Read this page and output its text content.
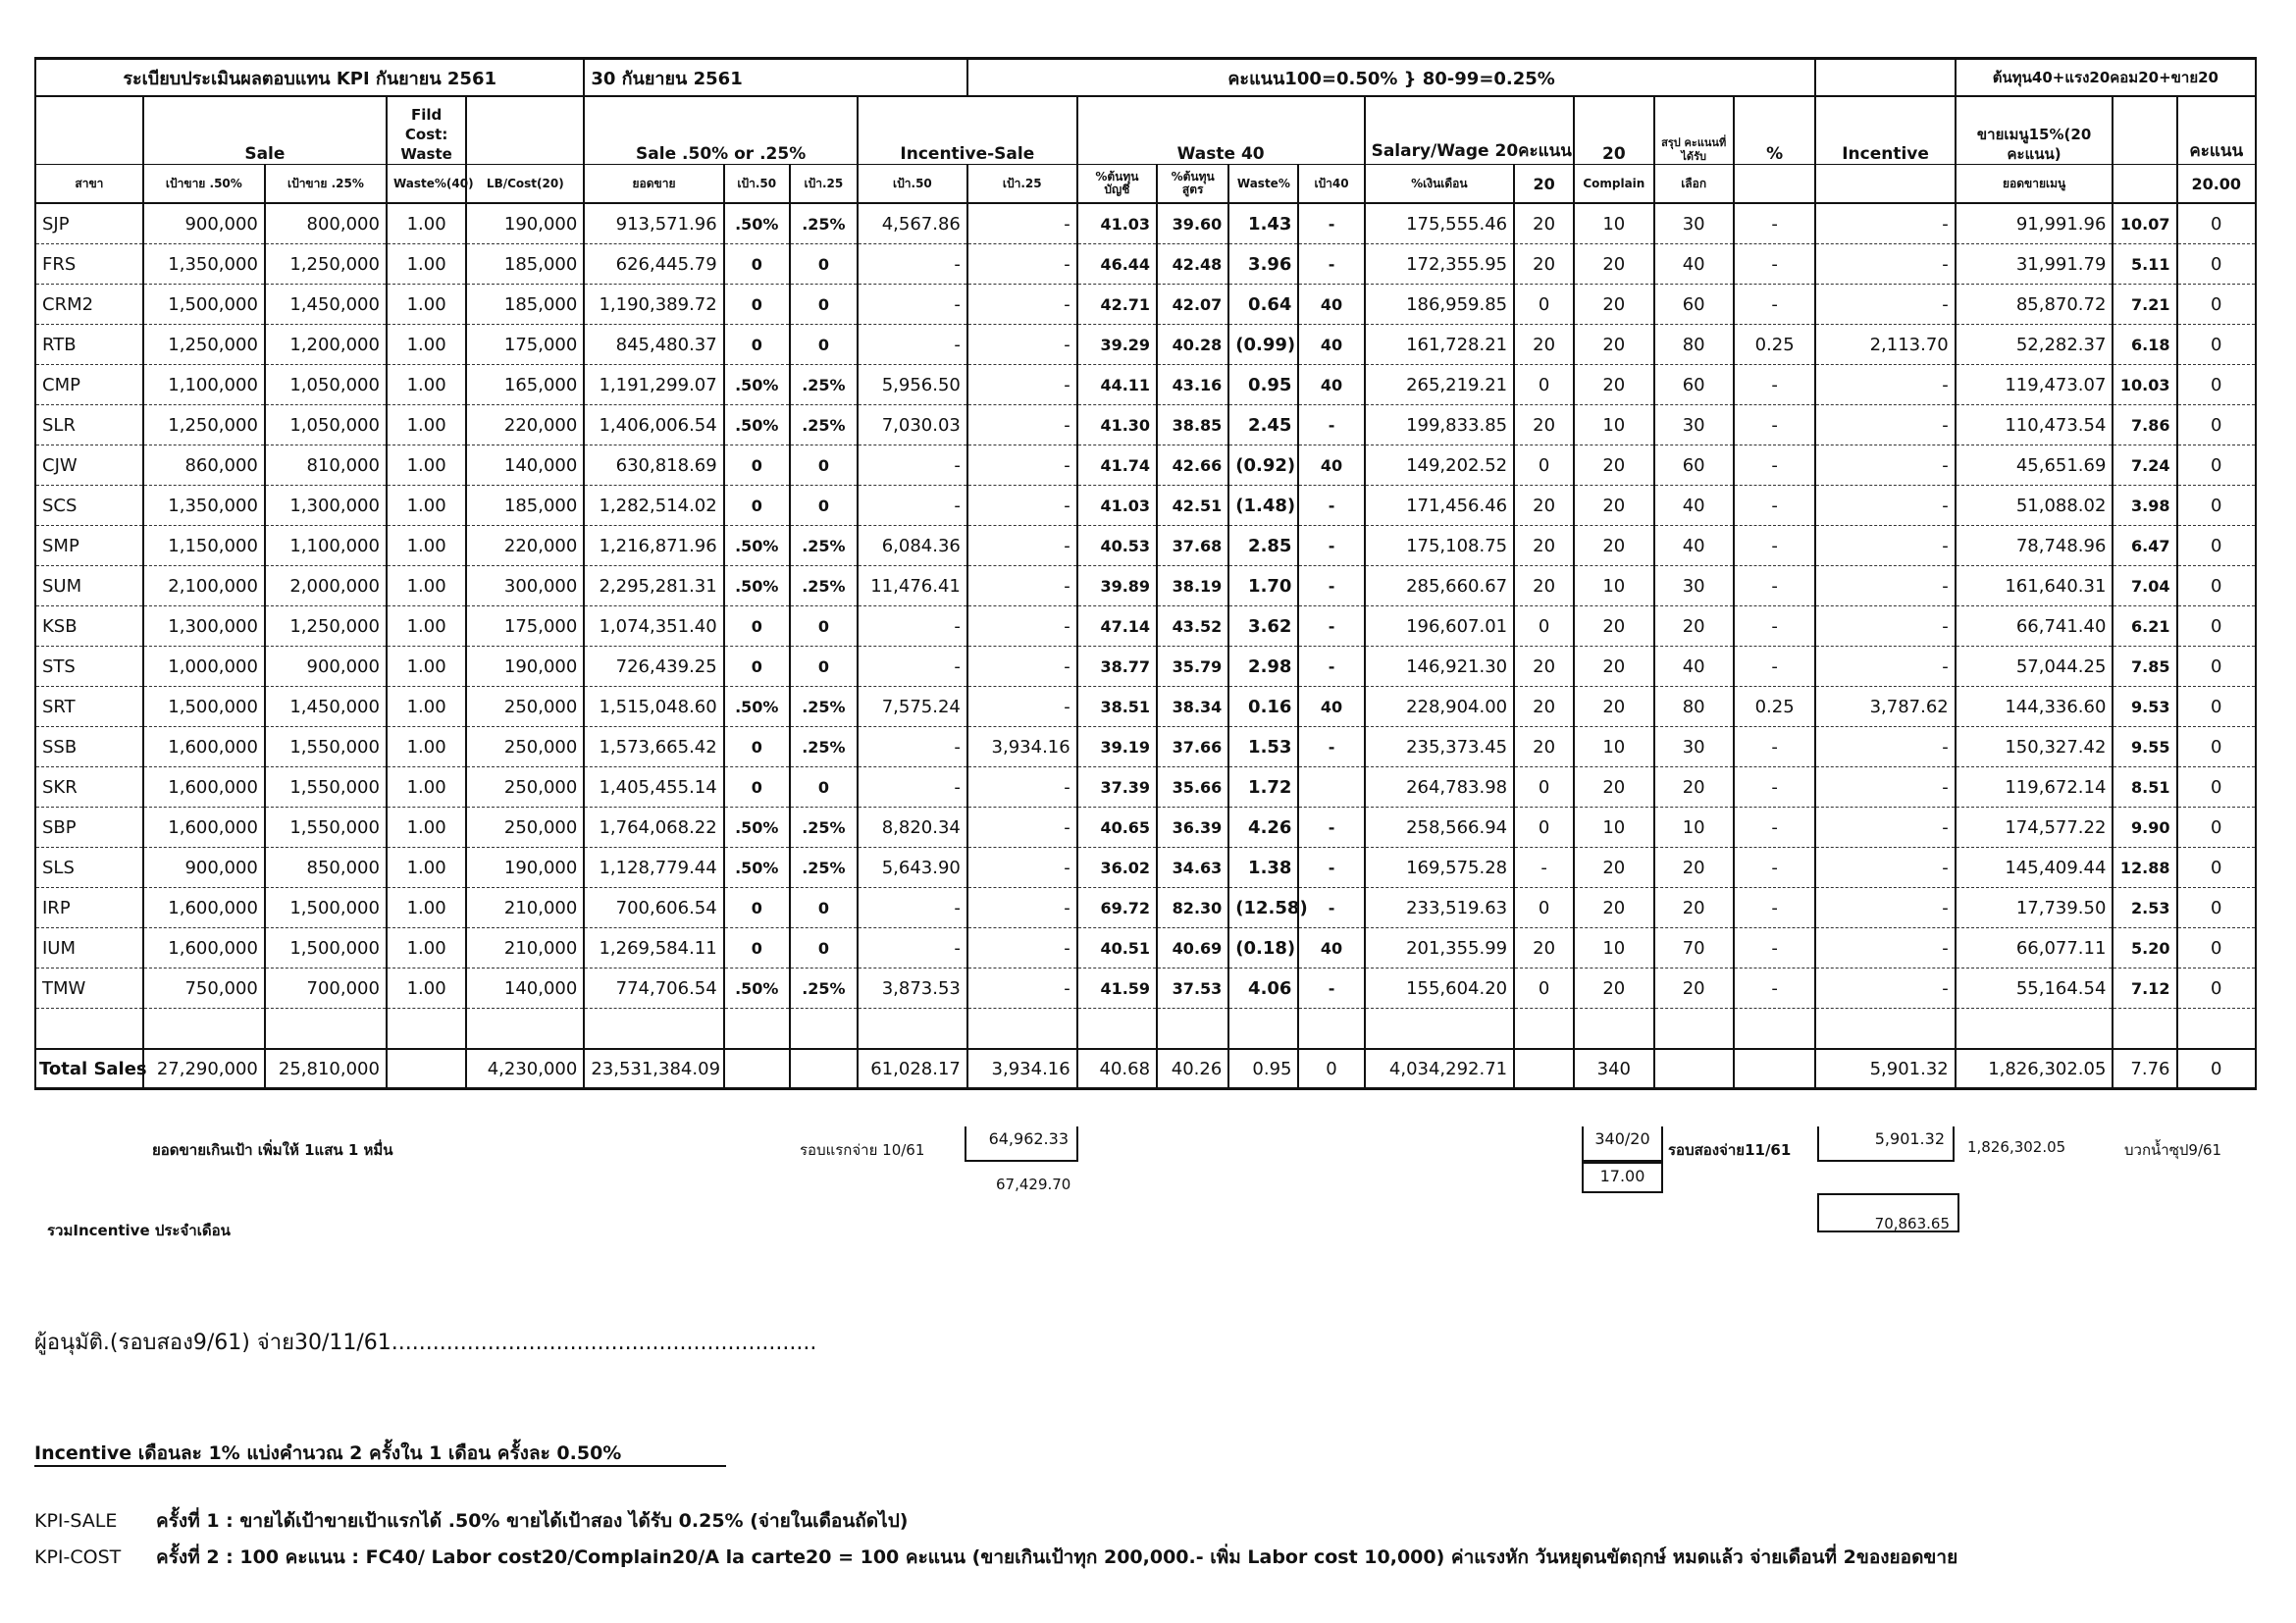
ระเบียบประเมินผลตอบแทน KPI กันยายน 2561					30 กันยายน 2561				คะแนน100=0.50% } 80-99=0.25%											ต้นทุน40+แรง20คอม20+ขาย20		
	Sale		Fild Cost: Waste		Sale .50% or .25%			Incentive-Sale		Waste 40				Salary/Wage 20คะแนน		20	สรุป คะแนนที่ ได้รับ	%	Incentive	ขายเมนู15%(20 คะแนน)		คะแนน
สาขา	เป้าขาย .50%	เป้าขาย .25%	Waste%(40)	LB/Cost(20)	ยอดขาย	เป้า.50	เป้า.25	เป้า.50	เป้า.25	%ต้นทุน บัญชี	%ต้นทุน สูตร	Waste%	เป้า40	%เงินเดือน	20	Complain	เลือก			ยอดขายเมนู		20.00
SJP	900,000	800,000	1.00	190,000	913,571.96	.50%	.25%	4,567.86	-	41.03	39.60	1.43	-	175,555.46	20	10	30	-	-	91,991.96	10.07	0
FRS	1,350,000	1,250,000	1.00	185,000	626,445.79	0	0	-	-	46.44	42.48	3.96	-	172,355.95	20	20	40	-	-	31,991.79	5.11	0
CRM2	1,500,000	1,450,000	1.00	185,000	1,190,389.72	0	0	-	-	42.71	42.07	0.64	40	186,959.85	0	20	60	-	-	85,870.72	7.21	0
RTB	1,250,000	1,200,000	1.00	175,000	845,480.37	0	0	-	-	39.29	40.28	(0.99)	40	161,728.21	20	20	80	0.25	2,113.70	52,282.37	6.18	0
CMP	1,100,000	1,050,000	1.00	165,000	1,191,299.07	.50%	.25%	5,956.50	-	44.11	43.16	0.95	40	265,219.21	0	20	60	-	-	119,473.07	10.03	0
SLR	1,250,000	1,050,000	1.00	220,000	1,406,006.54	.50%	.25%	7,030.03	-	41.30	38.85	2.45	-	199,833.85	20	10	30	-	-	110,473.54	7.86	0
CJW	860,000	810,000	1.00	140,000	630,818.69	0	0	-	-	41.74	42.66	(0.92)	40	149,202.52	0	20	60	-	-	45,651.69	7.24	0
SCS	1,350,000	1,300,000	1.00	185,000	1,282,514.02	0	0	-	-	41.03	42.51	(1.48)	-	171,456.46	20	20	40	-	-	51,088.02	3.98	0
SMP	1,150,000	1,100,000	1.00	220,000	1,216,871.96	.50%	.25%	6,084.36	-	40.53	37.68	2.85	-	175,108.75	20	20	40	-	-	78,748.96	6.47	0
SUM	2,100,000	2,000,000	1.00	300,000	2,295,281.31	.50%	.25%	11,476.41	-	39.89	38.19	1.70	-	285,660.67	20	10	30	-	-	161,640.31	7.04	0
KSB	1,300,000	1,250,000	1.00	175,000	1,074,351.40	0	0	-	-	47.14	43.52	3.62	-	196,607.01	0	20	20	-	-	66,741.40	6.21	0
STS	1,000,000	900,000	1.00	190,000	726,439.25	0	0	-	-	38.77	35.79	2.98	-	146,921.30	20	20	40	-	-	57,044.25	7.85	0
SRT	1,500,000	1,450,000	1.00	250,000	1,515,048.60	.50%	.25%	7,575.24	-	38.51	38.34	0.16	40	228,904.00	20	20	80	0.25	3,787.62	144,336.60	9.53	0
SSB	1,600,000	1,550,000	1.00	250,000	1,573,665.42	0	.25%	-	3,934.16	39.19	37.66	1.53	-	235,373.45	20	10	30	-	-	150,327.42	9.55	0
SKR	1,600,000	1,550,000	1.00	250,000	1,405,455.14	0	0	-	-	37.39	35.66	1.72		264,783.98	0	20	20	-	-	119,672.14	8.51	0
SBP	1,600,000	1,550,000	1.00	250,000	1,764,068.22	.50%	.25%	8,820.34	-	40.65	36.39	4.26	-	258,566.94	0	10	10	-	-	174,577.22	9.90	0
SLS	900,000	850,000	1.00	190,000	1,128,779.44	.50%	.25%	5,643.90	-	36.02	34.63	1.38	-	169,575.28	-	20	20	-	-	145,409.44	12.88	0
IRP	1,600,000	1,500,000	1.00	210,000	700,606.54	0	0	-	-	69.72	82.30	(12.58)	-	233,519.63	0	20	20	-	-	17,739.50	2.53	0
IUM	1,600,000	1,500,000	1.00	210,000	1,269,584.11	0	0	-	-	40.51	40.69	(0.18)	40	201,355.99	20	10	70	-	-	66,077.11	5.20	0
TMW	750,000	700,000	1.00	140,000	774,706.54	.50%	.25%	3,873.53	-	41.59	37.53	4.06	-	155,604.20	0	20	20	-	-	55,164.54	7.12	0

Total Sales	27,290,000	25,810,000		4,230,000	23,531,384.09			61,028.17	3,934.16	40.68	40.26	0.95	0	4,034,292.71		340			5,901.32	1,826,302.05	7.76	0
ยอดขายเกินเป้า เพิ่มให้ 1แสน 1 หมื่น	รอบแรกจ่าย 10/61
64,962.33
67,429.70
340/20
17.00
รอบสองจ่าย11/61
5,901.32	1,826,302.05	บวกน้ำซุป9/61
รวมIncentive ประจำเดือน	70,863.65
ผู้อนุมัติ.(รอบสอง9/61) จ่าย30/11/61..............................................................
Incentive เดือนละ 1% แบ่งคำนวณ 2 ครั้งใน 1 เดือน ครั้งละ 0.50%
KPI-SALE ครั้งที่ 1 : ขายได้เป้าขายเป้าแรกได้ .50% ขายได้เป้าสอง ได้รับ 0.25% (จ่ายในเดือนถัดไป)
KPI-COST ครั้งที่ 2 : 100 คะแนน : FC40/ Labor cost20/Complain20/A la carte20 = 100 คะแนน (ขายเกินเป้าทุก 200,000.- เพิ่ม Labor cost 10,000) ค่าแรงหัก วันหยุดนขัตฤกษ์ หมดแล้ว จ่ายเดือนที่ 2ของยอดขาย
